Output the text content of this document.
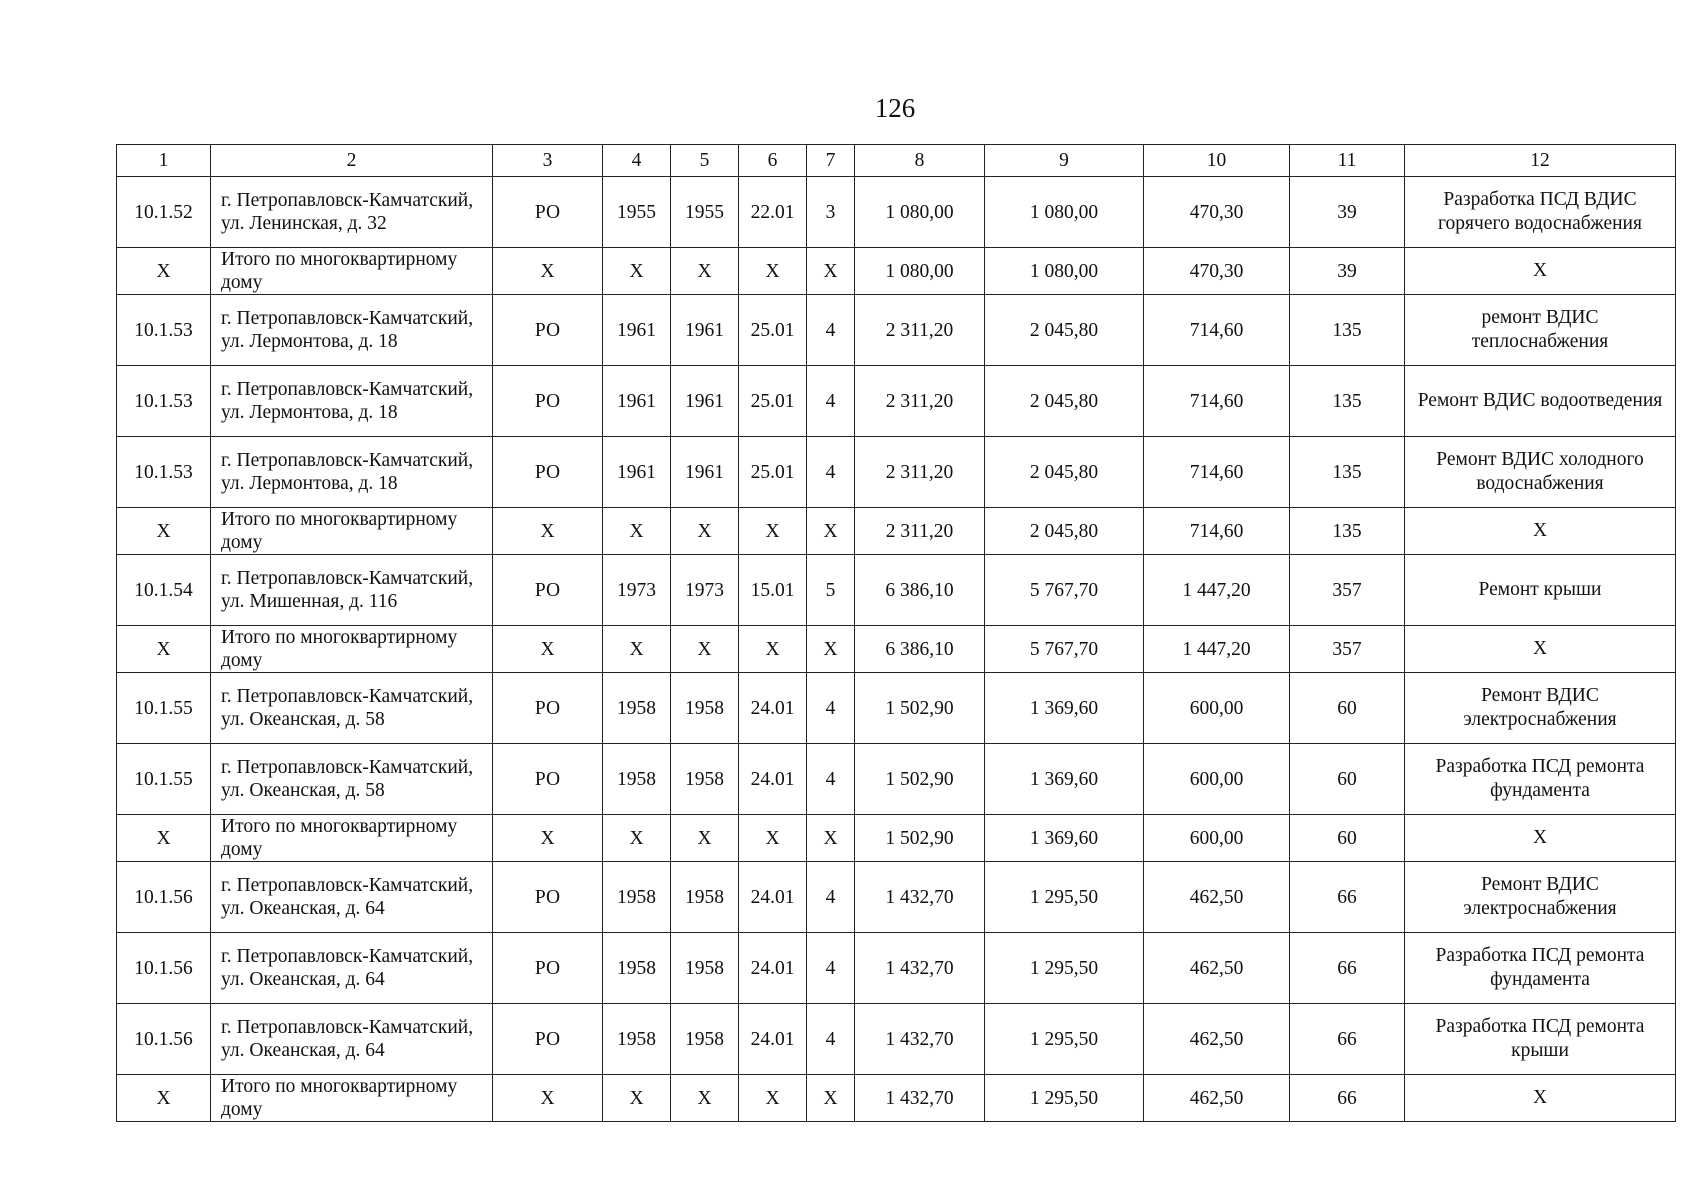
126
1	2	3	4	5	6	7	8	9	10	11	12
10.1.52	г. Петропавловск-Камчатский, ул. Ленинская, д. 32	РО	1955	1955	22.01	3	1 080,00	1 080,00	470,30	39	Разработка ПСД ВДИС горячего водоснабжения
Х	Итого по многоквартирному дому	Х	Х	Х	Х	Х	1 080,00	1 080,00	470,30	39	Х
10.1.53	г. Петропавловск-Камчатский, ул. Лермонтова, д. 18	РО	1961	1961	25.01	4	2 311,20	2 045,80	714,60	135	ремонт ВДИС теплоснабжения
10.1.53	г. Петропавловск-Камчатский, ул. Лермонтова, д. 18	РО	1961	1961	25.01	4	2 311,20	2 045,80	714,60	135	Ремонт ВДИС водоотведения
10.1.53	г. Петропавловск-Камчатский, ул. Лермонтова, д. 18	РО	1961	1961	25.01	4	2 311,20	2 045,80	714,60	135	Ремонт ВДИС холодного водоснабжения
Х	Итого по многоквартирному дому	Х	Х	Х	Х	Х	2 311,20	2 045,80	714,60	135	Х
10.1.54	г. Петропавловск-Камчатский, ул. Мишенная, д. 116	РО	1973	1973	15.01	5	6 386,10	5 767,70	1 447,20	357	Ремонт крыши
Х	Итого по многоквартирному дому	Х	Х	Х	Х	Х	6 386,10	5 767,70	1 447,20	357	Х
10.1.55	г. Петропавловск-Камчатский, ул. Океанская, д. 58	РО	1958	1958	24.01	4	1 502,90	1 369,60	600,00	60	Ремонт ВДИС электроснабжения
10.1.55	г. Петропавловск-Камчатский, ул. Океанская, д. 58	РО	1958	1958	24.01	4	1 502,90	1 369,60	600,00	60	Разработка ПСД ремонта фундамента
Х	Итого по многоквартирному дому	Х	Х	Х	Х	Х	1 502,90	1 369,60	600,00	60	Х
10.1.56	г. Петропавловск-Камчатский, ул. Океанская, д. 64	РО	1958	1958	24.01	4	1 432,70	1 295,50	462,50	66	Ремонт ВДИС электроснабжения
10.1.56	г. Петропавловск-Камчатский, ул. Океанская, д. 64	РО	1958	1958	24.01	4	1 432,70	1 295,50	462,50	66	Разработка ПСД ремонта фундамента
10.1.56	г. Петропавловск-Камчатский, ул. Океанская, д. 64	РО	1958	1958	24.01	4	1 432,70	1 295,50	462,50	66	Разработка ПСД ремонта крыши
Х	Итого по многоквартирному дому	Х	Х	Х	Х	Х	1 432,70	1 295,50	462,50	66	Х
